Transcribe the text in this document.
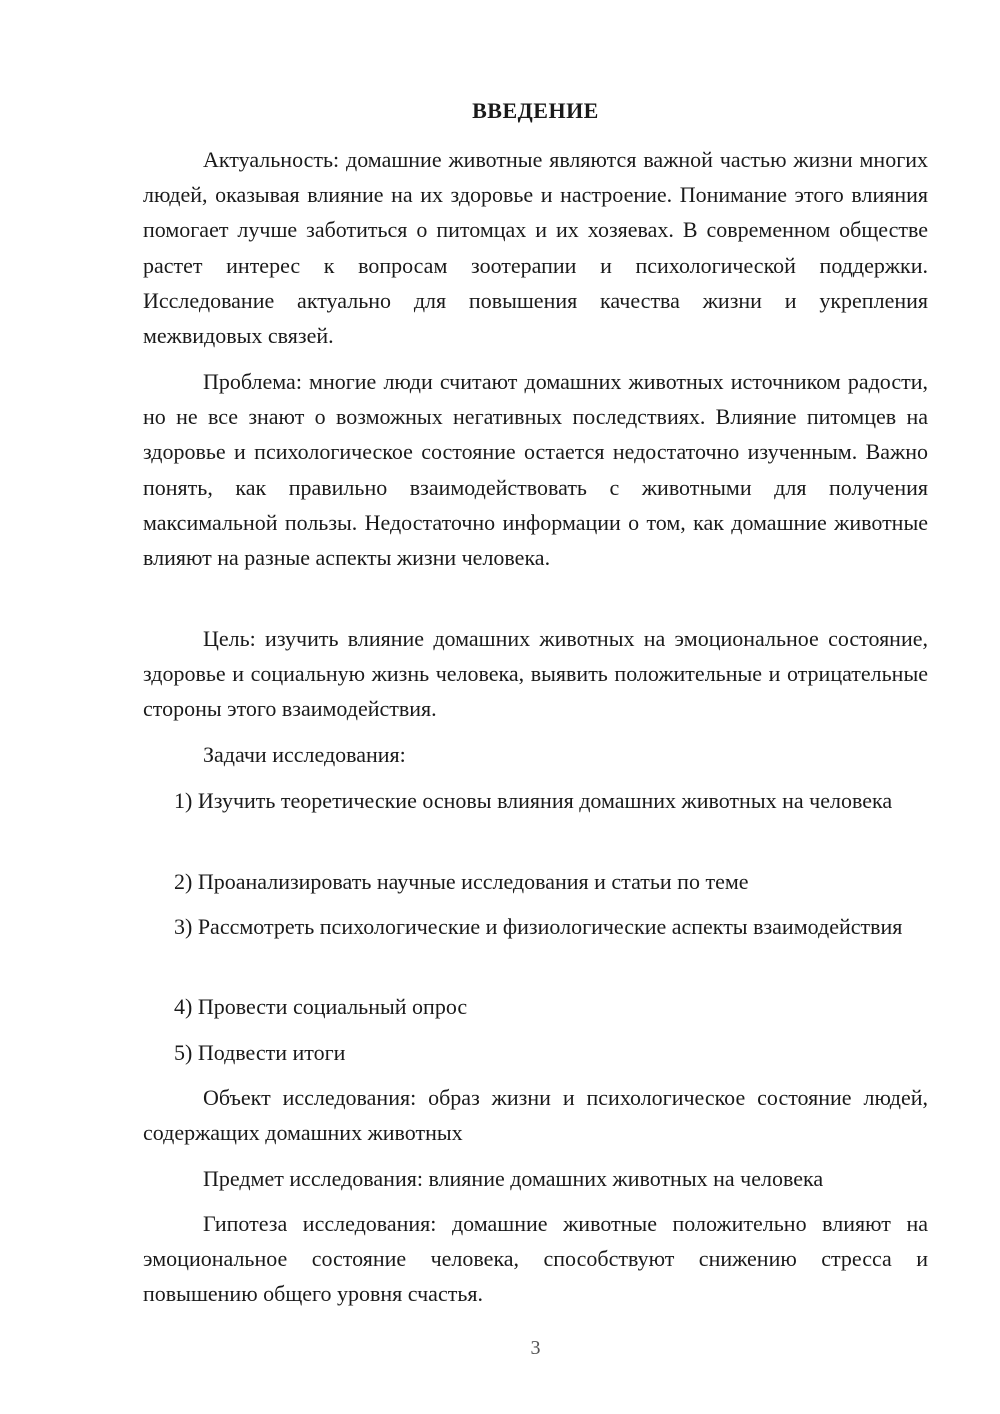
ВВЕДЕНИЕ

Актуальность: домашние животные являются важной частью жизни многих людей, оказывая влияние на их здоровье и настроение. Понимание этого влияния помогает лучше заботиться о питомцах и их хозяевах. В современном обществе растет интерес к вопросам зоотерапии и психологической поддержки. Исследование актуально для повышения качества жизни и укрепления межвидовых связей.

Проблема: многие люди считают домашних животных источником радости, но не все знают о возможных негативных последствиях. Влияние питомцев на здоровье и психологическое состояние остается недостаточно изученным. Важно понять, как правильно взаимодействовать с животными для получения максимальной пользы. Недостаточно информации о том, как домашние животные влияют на разные аспекты жизни человека.

Цель: изучить влияние домашних животных на эмоциональное состояние, здоровье и социальную жизнь человека, выявить положительные и отрицательные стороны этого взаимодействия.

Задачи исследования:

1) Изучить теоретические основы влияния домашних животных на человека

2) Проанализировать научные исследования и статьи по теме

3) Рассмотреть психологические и физиологические аспекты взаимодействия

4) Провести социальный опрос

5) Подвести итоги

Объект исследования: образ жизни и психологическое состояние людей, содержащих домашних животных

Предмет исследования: влияние домашних животных на человека

Гипотеза исследования: домашние животные положительно влияют на эмоциональное состояние человека, способствуют снижению стресса и повышению общего уровня счастья.

3
